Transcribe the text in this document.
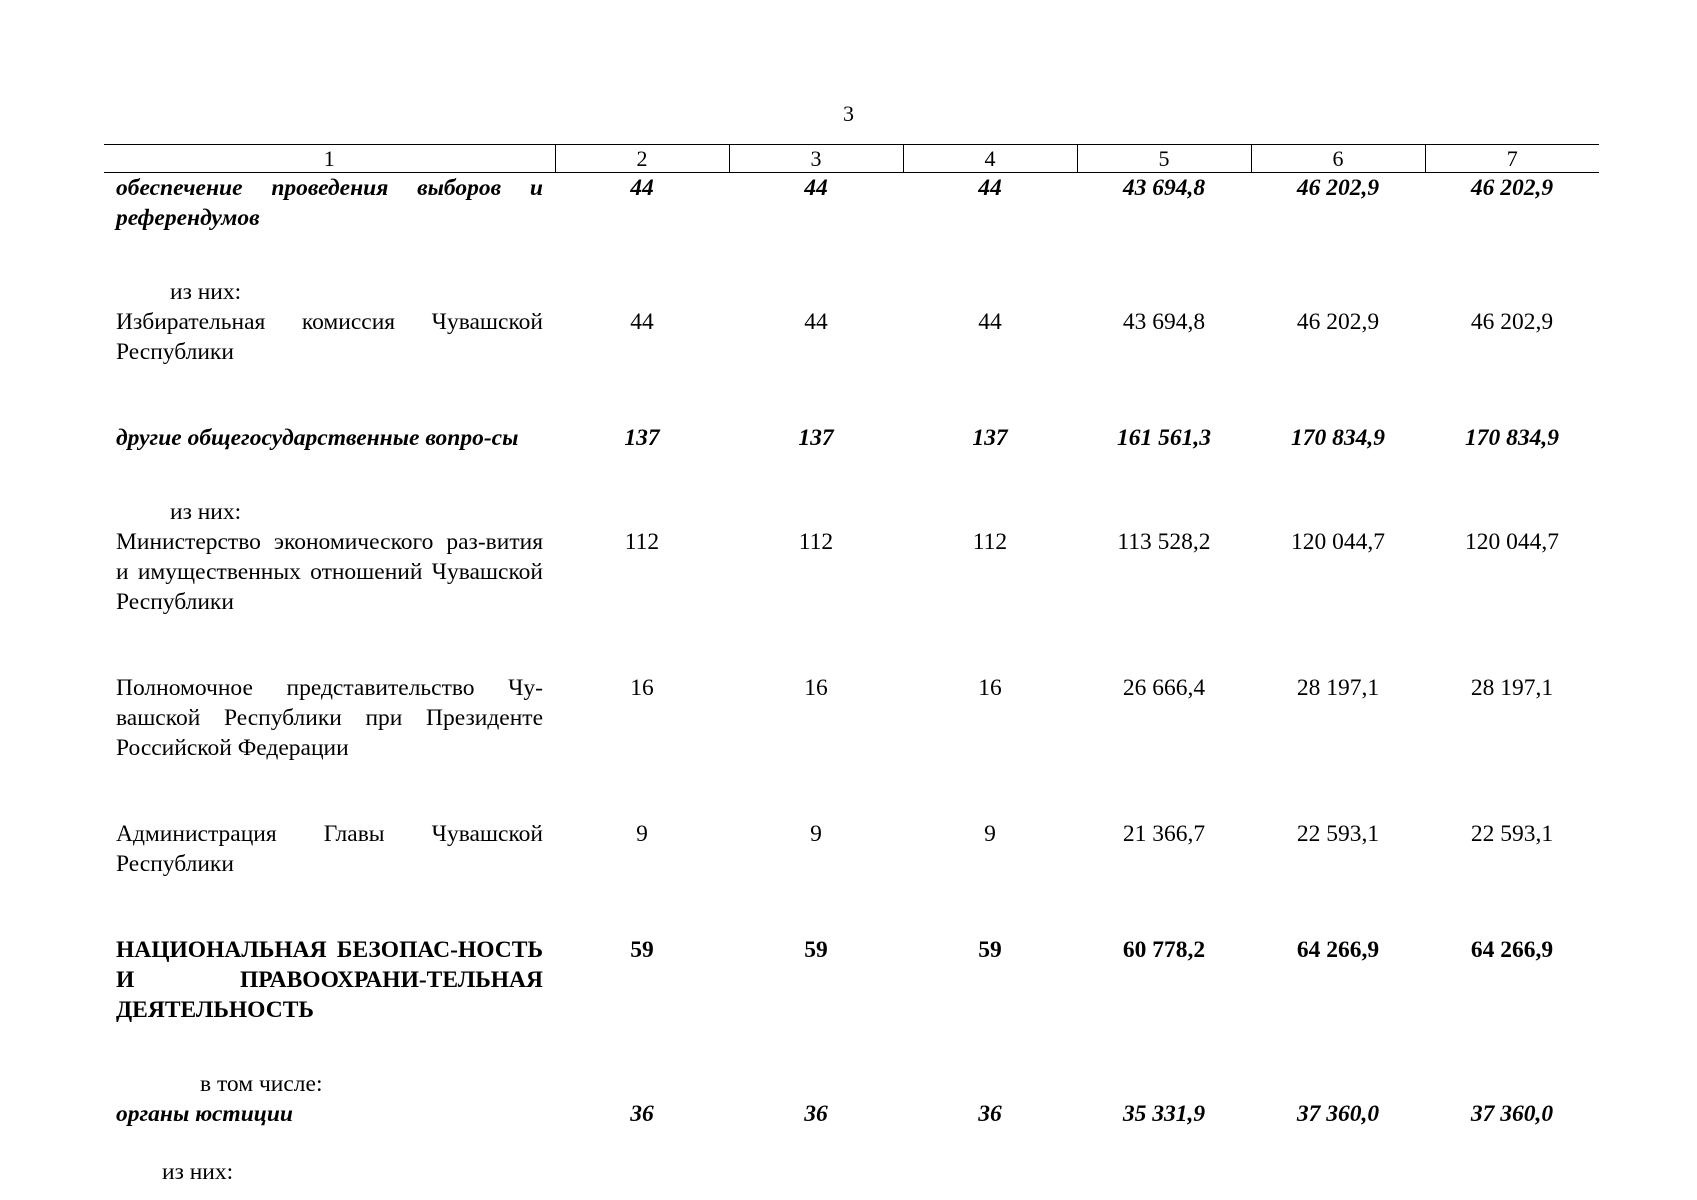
3
1	2	3	4	5	6	7
обеспечение проведения выборов и референдумов	44	44	44	43 694,8	46 202,9	46 202,9

из них:						

Избирательная комиссия Чувашской Республики	44	44	44	43 694,8	46 202,9	46 202,9

другие общегосударственные вопро-сы	137	137	137	161 561,3	170 834,9	170 834,9

из них:						

Министерство экономического раз-вития и имущественных отношений Чувашской Республики	112	112	112	113 528,2	120 044,7	120 044,7

Полномочное представительство Чу-вашской Республики при Президенте Российской Федерации	16	16	16	26 666,4	28 197,1	28 197,1

Администрация Главы Чувашской Республики	9	9	9	21 366,7	22 593,1	22 593,1

НАЦИОНАЛЬНАЯ БЕЗОПАС-НОСТЬ И ПРАВООХРАНИ-ТЕЛЬНАЯ ДЕЯТЕЛЬНОСТЬ	59	59	59	60 778,2	64 266,9	64 266,9

в том числе:						

органы юстиции	36	36	36	35 331,9	37 360,0	37 360,0

из них:						
